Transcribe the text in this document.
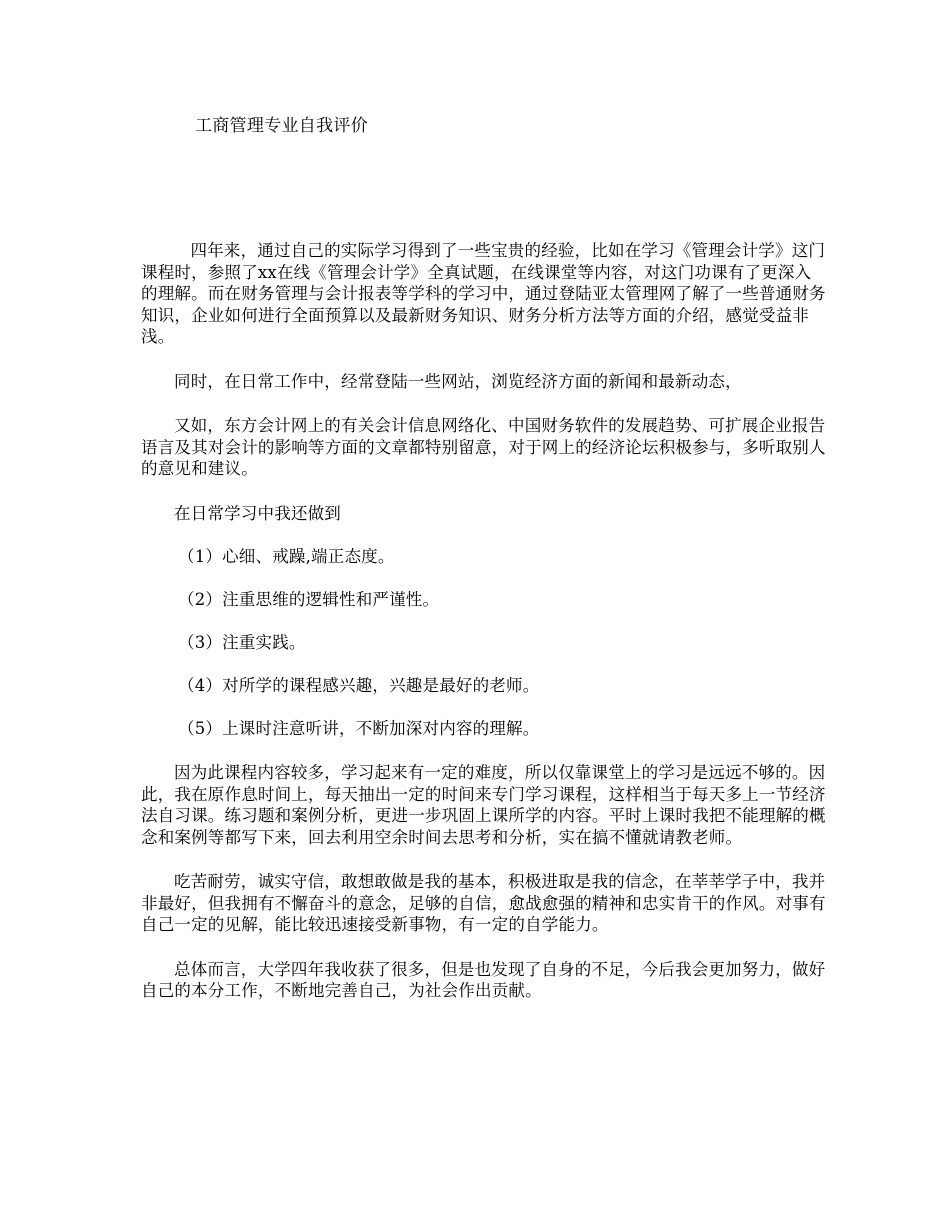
工商管理专业自我评价

四年来，通过自己的实际学习得到了一些宝贵的经验，比如在学习《管理会计学》这门课程时，参照了xx在线《管理会计学》全真试题，在线课堂等内容，对这门功课有了更深入的理解。而在财务管理与会计报表等学科的学习中，通过登陆亚太管理网了解了一些普通财务知识，企业如何进行全面预算以及最新财务知识、财务分析方法等方面的介绍，感觉受益非浅。

同时，在日常工作中，经常登陆一些网站，浏览经济方面的新闻和最新动态，

又如，东方会计网上的有关会计信息网络化、中国财务软件的发展趋势、可扩展企业报告语言及其对会计的影响等方面的文章都特别留意，对于网上的经济论坛积极参与，多听取别人的意见和建议。

在日常学习中我还做到

（1）心细、戒躁,端正态度。

（2）注重思维的逻辑性和严谨性。

（3）注重实践。

（4）对所学的课程感兴趣，兴趣是最好的老师。

（5）上课时注意听讲，不断加深对内容的理解。

因为此课程内容较多，学习起来有一定的难度，所以仅靠课堂上的学习是远远不够的。因此，我在原作息时间上，每天抽出一定的时间来专门学习课程，这样相当于每天多上一节经济法自习课。练习题和案例分析，更进一步巩固上课所学的内容。平时上课时我把不能理解的概念和案例等都写下来，回去利用空余时间去思考和分析，实在搞不懂就请教老师。

吃苦耐劳，诚实守信，敢想敢做是我的基本，积极进取是我的信念，在莘莘学子中，我并非最好，但我拥有不懈奋斗的意念，足够的自信，愈战愈强的精神和忠实肯干的作风。对事有自己一定的见解，能比较迅速接受新事物，有一定的自学能力。

总体而言，大学四年我收获了很多，但是也发现了自身的不足，今后我会更加努力，做好自己的本分工作，不断地完善自己，为社会作出贡献。
